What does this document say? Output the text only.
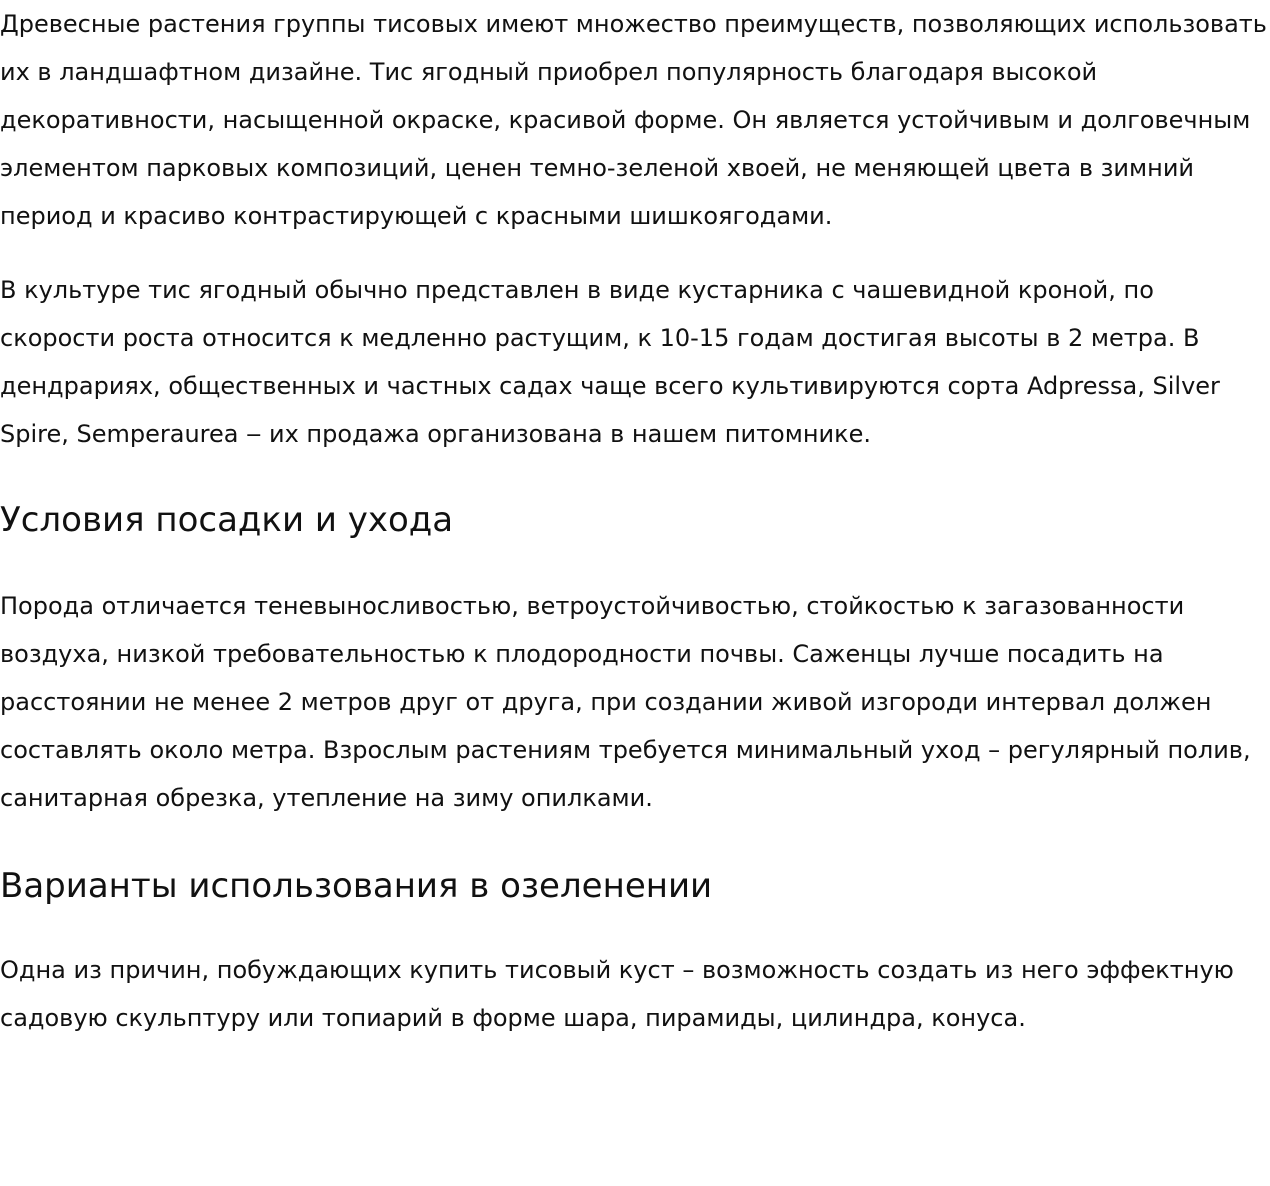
Древесные растения группы тисовых имеют множество преимуществ, позволяющих использовать их в ландшафтном дизайне. Тис ягодный приобрел популярность благодаря высокой декоративности, насыщенной окраске, красивой форме. Он является устойчивым и долговечным элементом парковых композиций, ценен темно-зеленой хвоей, не меняющей цвета в зимний период и красиво контрастирующей с красными шишкоягодами.

В культуре тис ягодный обычно представлен в виде кустарника с чашевидной кроной, по скорости роста относится к медленно растущим, к 10-15 годам достигая высоты в 2 метра. В дендрариях, общественных и частных садах чаще всего культивируются сорта Adpressa, Silver Spire, Semperaurea ‒ их продажа организована в нашем питомнике.

Условия посадки и ухода

Порода отличается теневыносливостью, ветроустойчивостью, стойкостью к загазованности воздуха, низкой требовательностью к плодородности почвы. Саженцы лучше посадить на расстоянии не менее 2 метров друг от друга, при создании живой изгороди интервал должен составлять около метра. Взрослым растениям требуется минимальный уход – регулярный полив, санитарная обрезка, утепление на зиму опилками.

Варианты использования в озеленении

Одна из причин, побуждающих купить тисовый куст – возможность создать из него эффектную садовую скульптуру или топиарий в форме шара, пирамиды, цилиндра, конуса.
